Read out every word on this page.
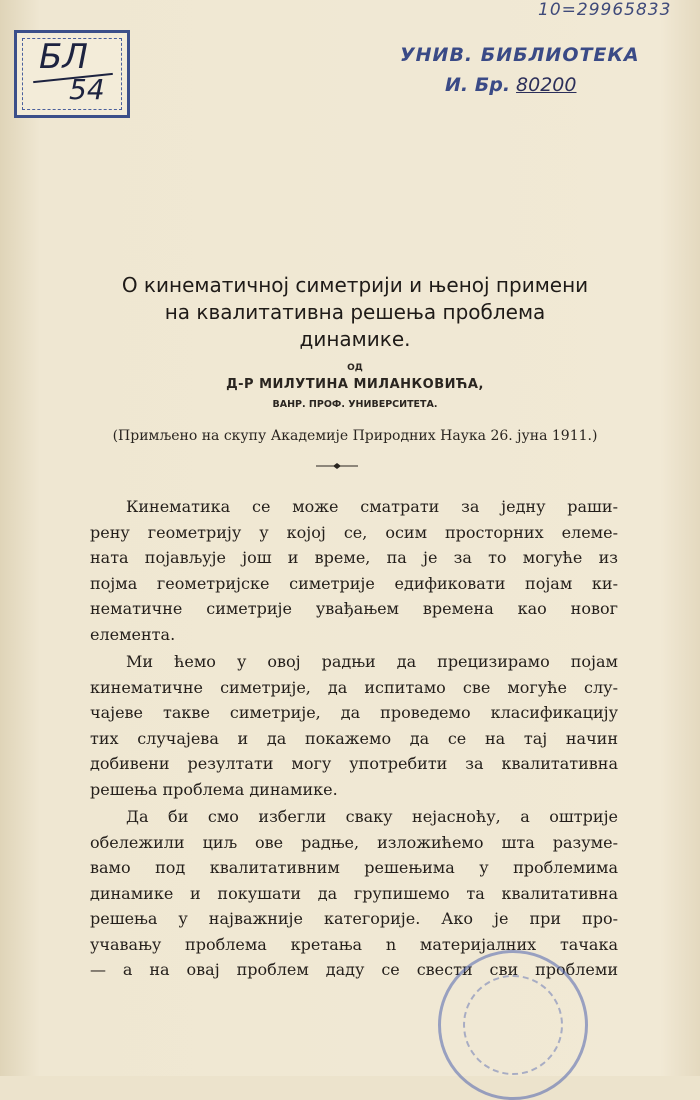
10=29965833
БЛ
54
УНИВ. БИБЛИОТЕКА
И. Бр. 80200
О кинематичној симетрији и њеној примени
на квалитативна решења проблема
динамике.
ОД
Д-Р МИЛУТИНА МИЛАНКОВИЋА,
ВАНР. ПРОФ. УНИВЕРСИТЕТА.
(Примљено на скупу Академије Природних Наука 26. јуна 1911.)
Кинематика се може сматрати за једну раши-
рену геометрију у којој се, осим просторних елеме-
ната појављује још и време, па је за то могуће из
појма геометријске симетрије едификовати појам ки-
нематичне симетрије увађањем времена као новог
елемента.
Ми ћемо у овој радњи да прецизирамо појам
кинематичне симетрије, да испитамо све могуће слу-
чајеве такве симетрије, да проведемо класификацију
тих случајева и да покажемо да се на тај начин
добивени резултати могу употребити за квалитативна
решења проблема динамике.
Да би смо избегли сваку нејасноћу, а оштрије
обележили циљ ове радње, изложићемо шта разуме-
вамо под квалитативним решењима у проблемима
динамике и покушати да групишемо та квалитативна
решења у најважније категорије. Ако је при про-
учавању проблема кретања n материјалних тачака
— а на овај проблем даду се свести сви проблеми
